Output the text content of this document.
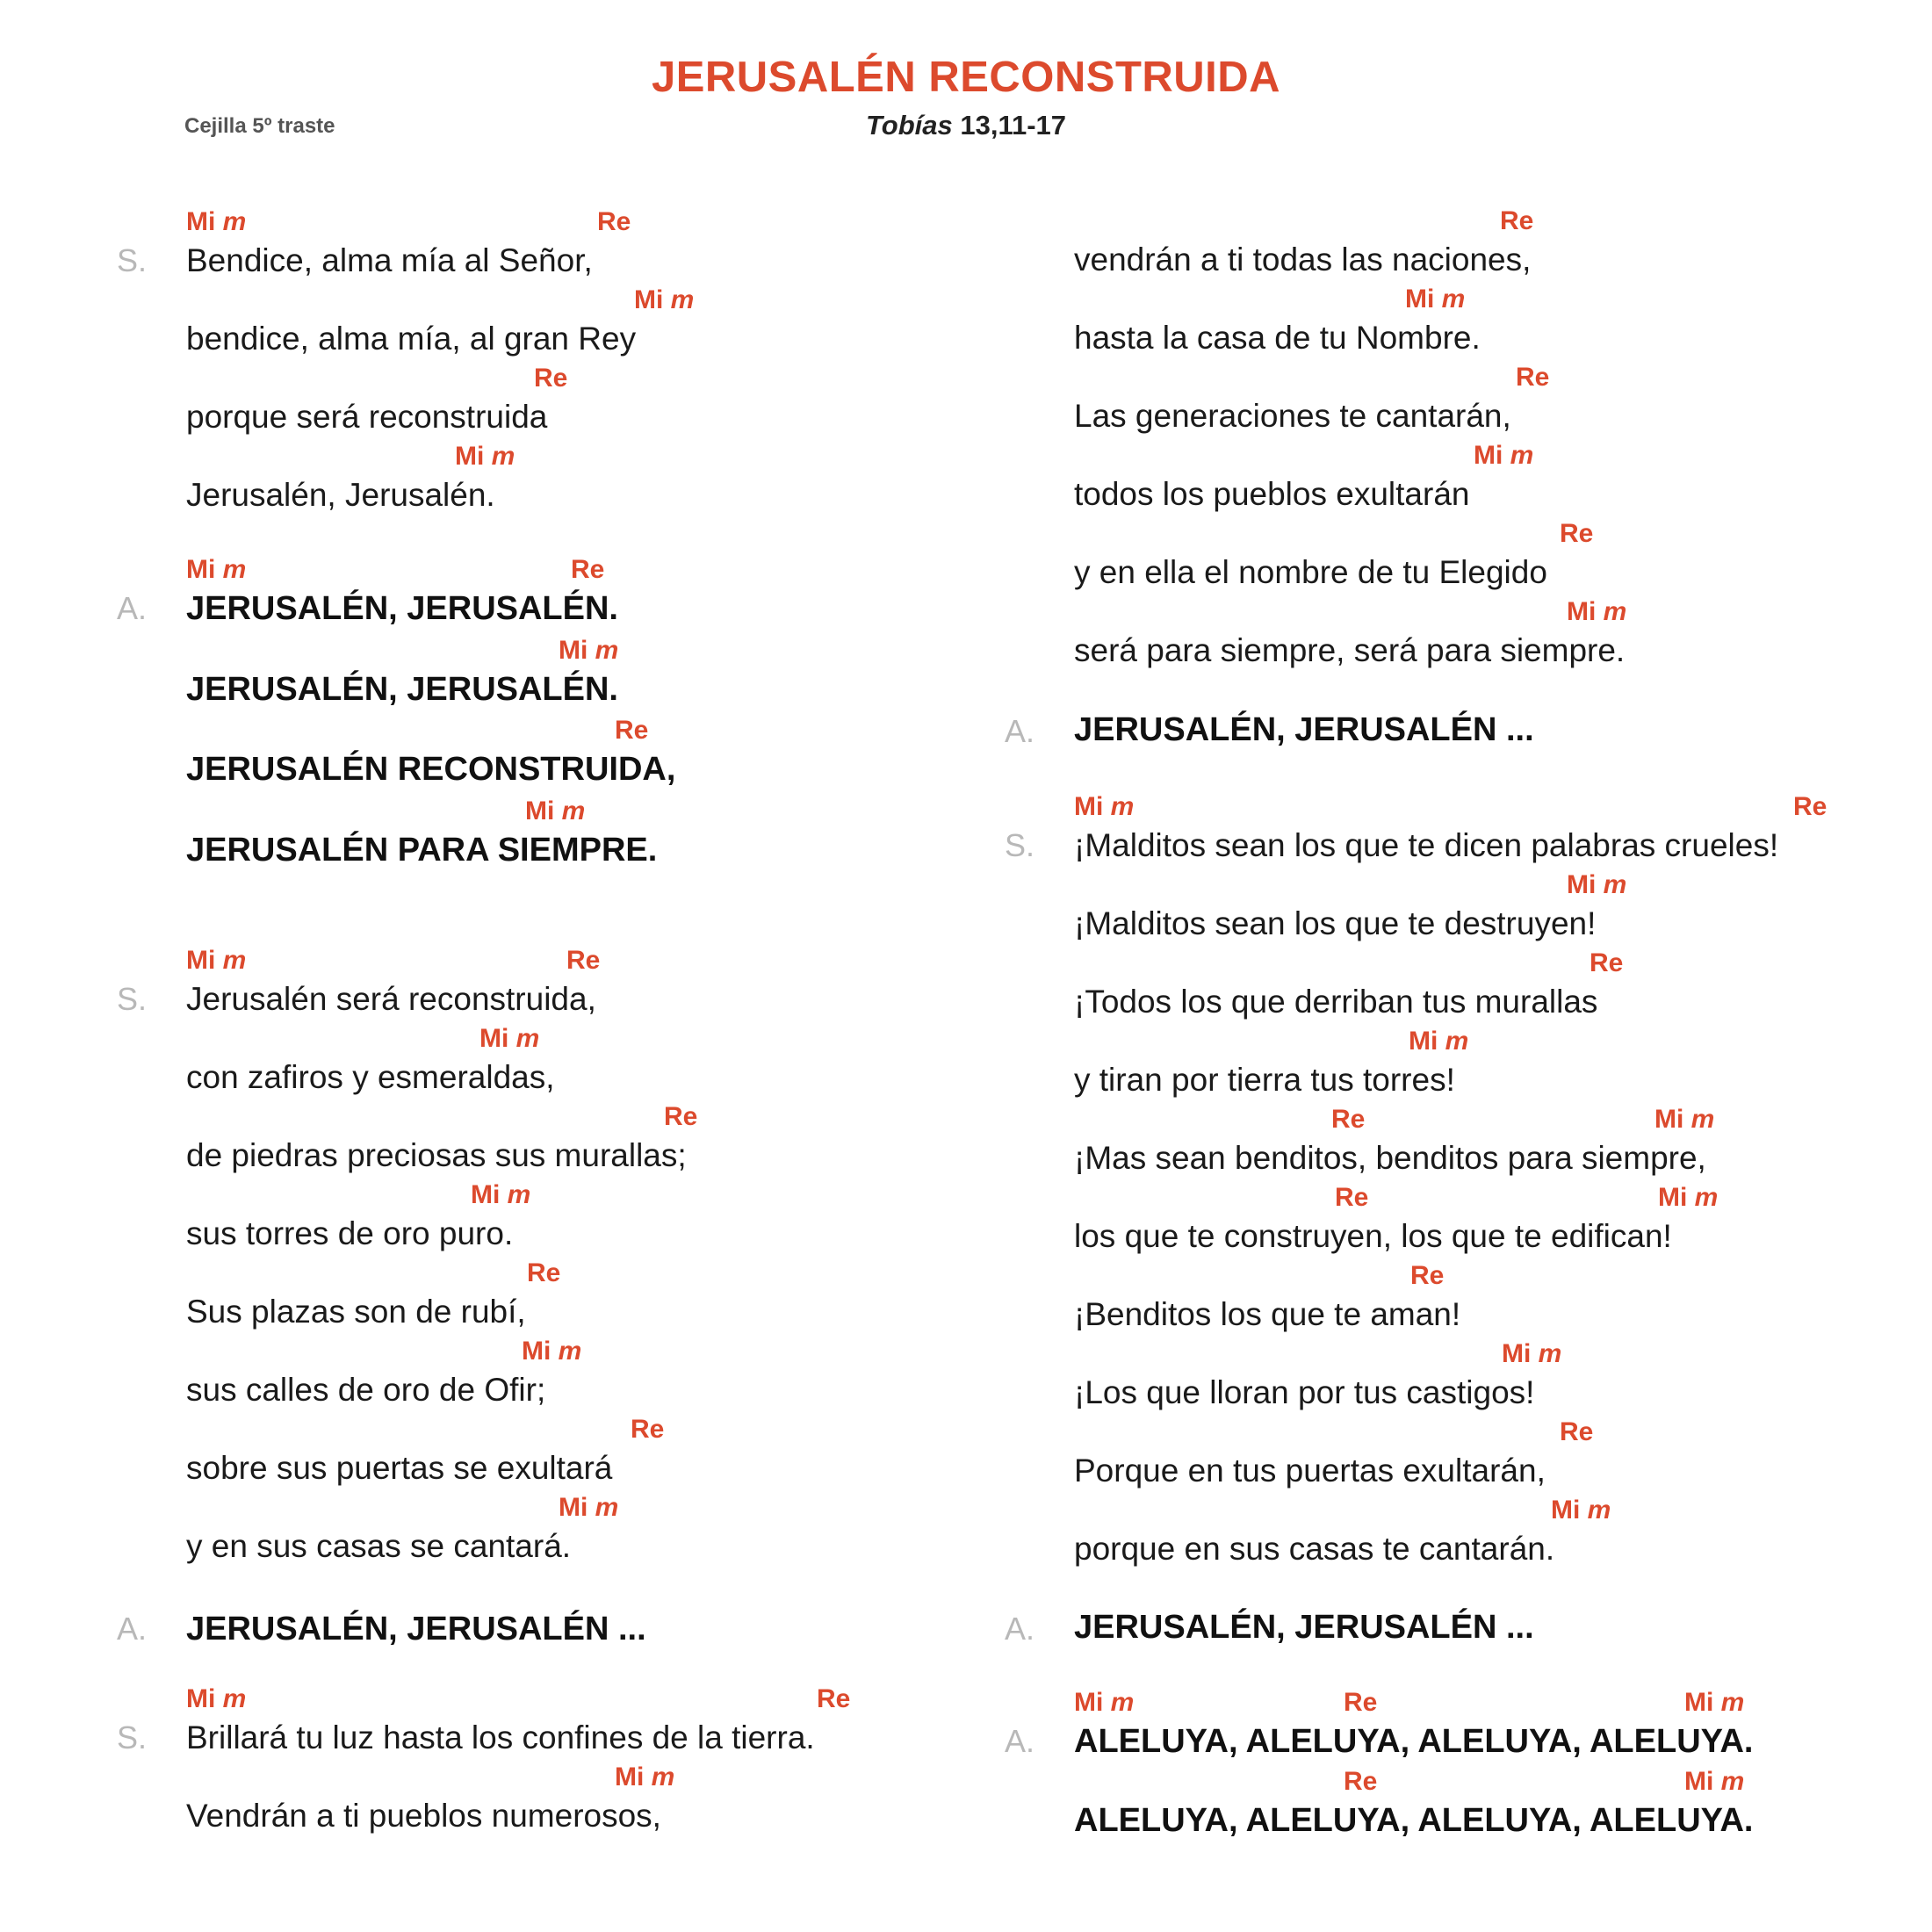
JERUSALÉN RECONSTRUIDA
Cejilla 5º traste	Tobías 13,11-17
Bendice, alma mía al Señor,
Mi m	Re
bendice, alma mía, al gran Rey
Mi m
porque será reconstruida
Re
Jerusalén, Jerusalén.
Mi m
S.
JERUSALÉN, JERUSALÉN.
Mi m	Re
JERUSALÉN, JERUSALÉN.
Mi m
JERUSALÉN RECONSTRUIDA,
Re
JERUSALÉN PARA SIEMPRE.
Mi m
A.
Jerusalén será reconstruida,
Mi m	Re
con zafiros y esmeraldas,
Mi m
de piedras preciosas sus murallas;
Re
sus torres de oro puro.
Mi m
Sus plazas son de rubí,
Re
sus calles de oro de Ofir;
Mi m
sobre sus puertas se exultará
Re
y en sus casas se cantará.
Mi m
S.
JERUSALÉN, JERUSALÉN ...
A.
Brillará tu luz hasta los confines de la tierra.
Mi m	Re
Vendrán a ti pueblos numerosos,
Mi m
S.
vendrán a ti todas las naciones,
Re
hasta la casa de tu Nombre.
Mi m
Las generaciones te cantarán,
Re
todos los pueblos exultarán
Mi m
y en ella el nombre de tu Elegido
Re
será para siempre, será para siempre.
Mi m
JERUSALÉN, JERUSALÉN ...
A.
¡Malditos sean los que te dicen palabras crueles!
Mi m	Re
¡Malditos sean los que te destruyen!
Mi m
¡Todos los que derriban tus murallas
Re
y tiran por tierra tus torres!
Mi m
¡Mas sean benditos, benditos para siempre,
Re	Mi m
los que te construyen, los que te edifican!
Re	Mi m
¡Benditos los que te aman!
Re
¡Los que lloran por tus castigos!
Mi m
Porque en tus puertas exultarán,
Re
porque en sus casas te cantarán.
Mi m
S.
JERUSALÉN, JERUSALÉN ...
A.
ALELUYA, ALELUYA, ALELUYA, ALELUYA.
Mi m	Re	Mi m
ALELUYA, ALELUYA, ALELUYA, ALELUYA.
Re	Mi m
A.
